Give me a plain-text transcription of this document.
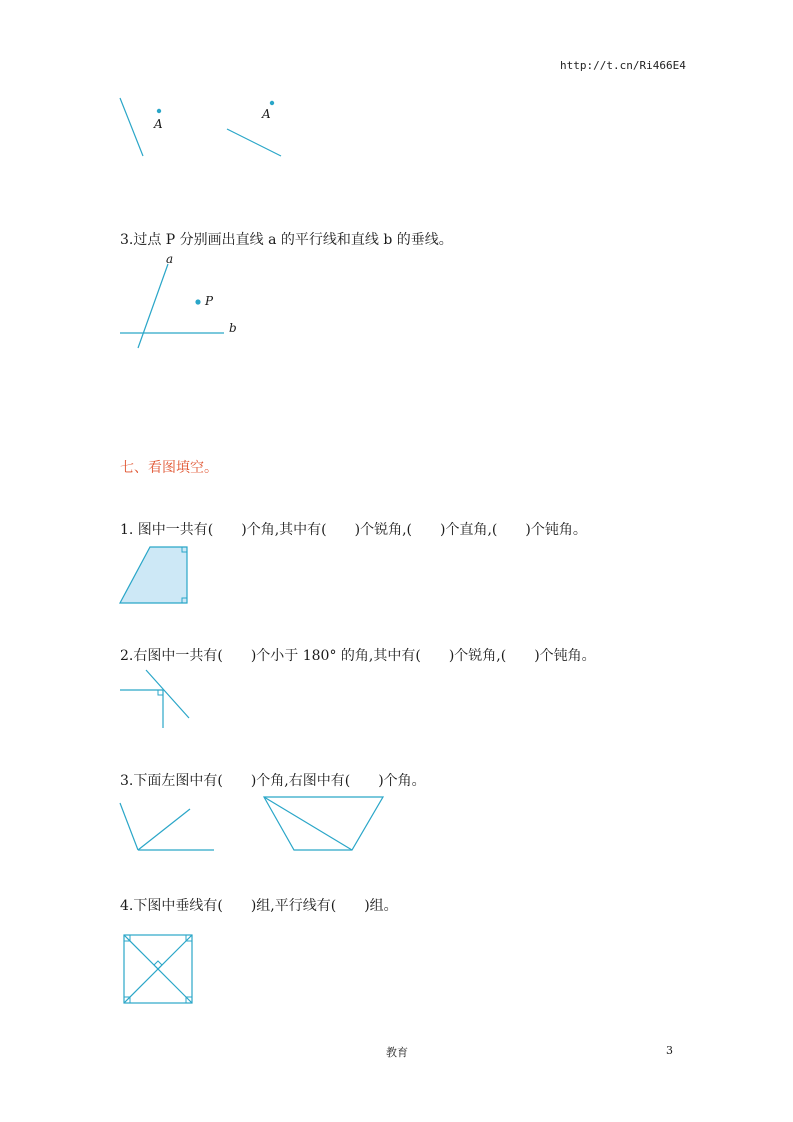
http://t.cn/Ri466E4
A
A
3.过点 P 分别画出直线 a 的平行线和直线 b 的垂线。
a
P
b
七、看图填空。
1. 图中一共有(　　)个角,其中有(　　)个锐角,(　　)个直角,(　　)个钝角。
2.右图中一共有(　　)个小于 180° 的角,其中有(　　)个锐角,(　　)个钝角。
3.下面左图中有(　　)个角,右图中有(　　)个角。
4.下图中垂线有(　　)组,平行线有(　　)组。
教育	3
